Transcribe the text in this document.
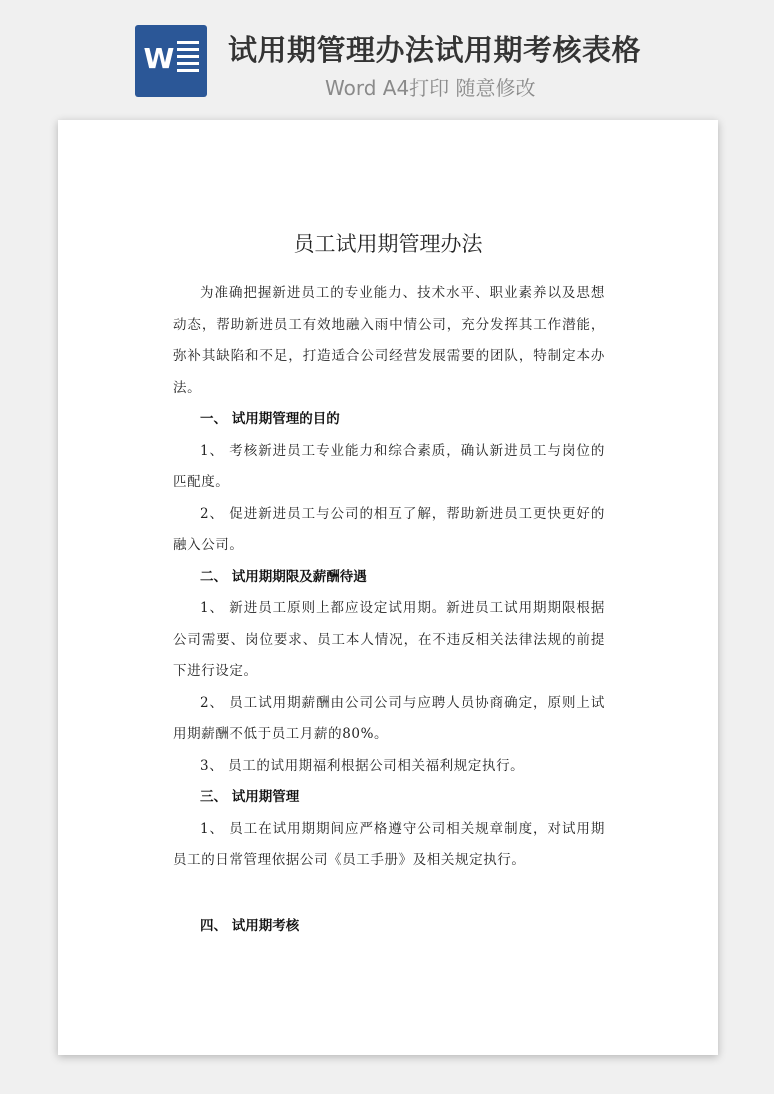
W 试用期管理办法试用期考核表格
Word A4打印 随意修改
员工试用期管理办法

为准确把握新进员工的专业能力、技术水平、职业素养以及思想动态，帮助新进员工有效地融入雨中情公司，充分发挥其工作潜能，弥补其缺陷和不足，打造适合公司经营发展需要的团队，特制定本办法。

一、 试用期管理的目的

1、 考核新进员工专业能力和综合素质，确认新进员工与岗位的匹配度。

2、 促进新进员工与公司的相互了解，帮助新进员工更快更好的融入公司。

二、 试用期期限及薪酬待遇

1、 新进员工原则上都应设定试用期。新进员工试用期期限根据公司需要、岗位要求、员工本人情况，在不违反相关法律法规的前提下进行设定。

2、 员工试用期薪酬由公司公司与应聘人员协商确定，原则上试用期薪酬不低于员工月薪的80%。

3、 员工的试用期福利根据公司相关福利规定执行。

三、 试用期管理

1、 员工在试用期期间应严格遵守公司相关规章制度，对试用期员工的日常管理依据公司《员工手册》及相关规定执行。

四、 试用期考核
